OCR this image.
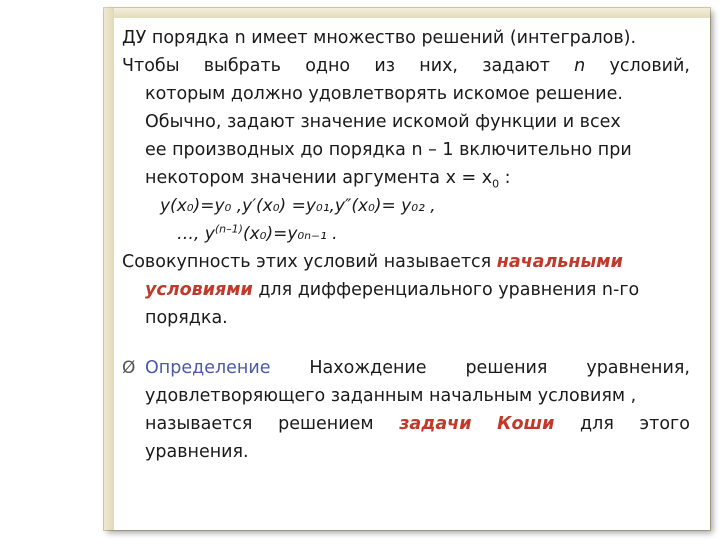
ДУ порядка n имеет множество решений (интегралов).
Чтобы выбрать одно из них, задают n условий,
которым должно удовлетворять искомое решение.
Обычно, задают значение искомой функции и всех
ее производных до порядка n – 1 включительно при
некотором значении аргумента $x = x_0$ :
y(x₀)=y₀ ,y′(x₀) =y₀₁,y″(x₀)= y₀₂ ,
…, $y^{(n-1)}(x_0)=y_{0n-1}$ .
Совокупность этих условий называется начальными
условиями для дифференциального уравнения n-го
порядка.
Ø Определение Нахождение решения уравнения,
удовлетворяющего заданным начальным условиям ,
называется решением задачи Коши для этого
уравнения.
